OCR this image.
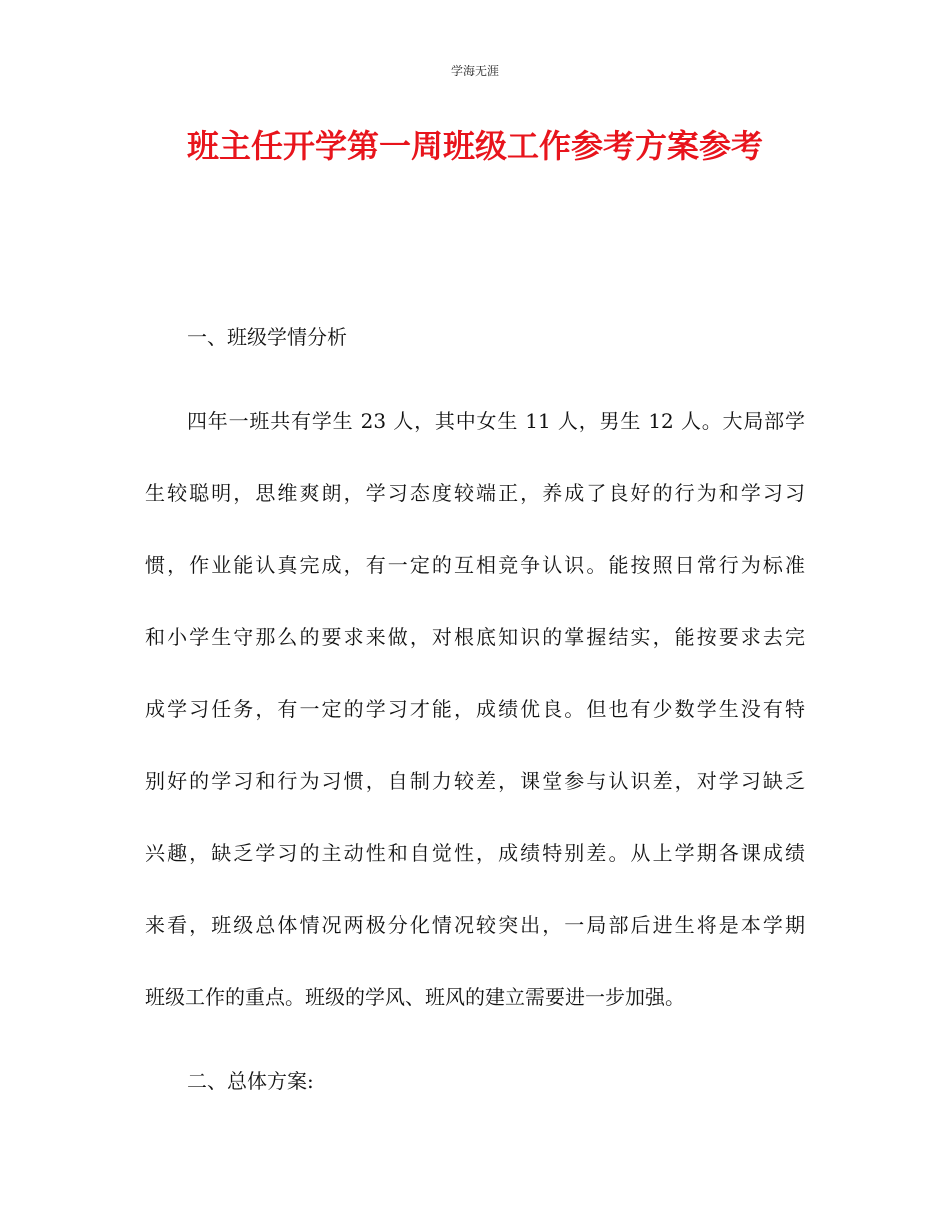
学海无涯
班主任开学第一周班级工作参考方案参考
一、班级学情分析
四年一班共有学生 23 人，其中女生 11 人，男生 12 人。大局部学
生较聪明，思维爽朗，学习态度较端正，养成了良好的行为和学习习
惯，作业能认真完成，有一定的互相竞争认识。能按照日常行为标准
和小学生守那么的要求来做，对根底知识的掌握结实，能按要求去完
成学习任务，有一定的学习才能，成绩优良。但也有少数学生没有特
别好的学习和行为习惯，自制力较差，课堂参与认识差，对学习缺乏
兴趣，缺乏学习的主动性和自觉性，成绩特别差。从上学期各课成绩
来看，班级总体情况两极分化情况较突出，一局部后进生将是本学期
班级工作的重点。班级的学风、班风的建立需要进一步加强。
二、总体方案:
